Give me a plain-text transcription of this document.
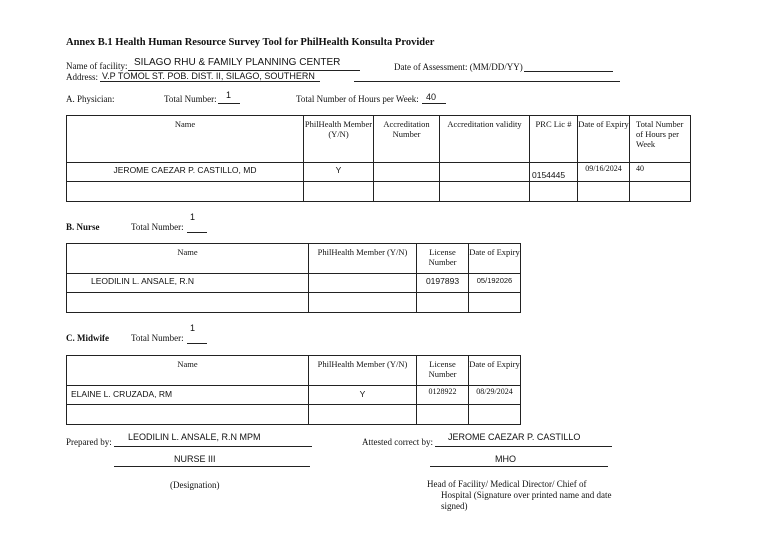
Annex B.1 Health Human Resource Survey Tool for PhilHealth Konsulta Provider
Name of facility: SILAGO RHU & FAMILY PLANNING CENTER	Date of Assessment: (MM/DD/YY)
Address: V.P TOMOL ST. POB. DIST. II, SILAGO, SOUTHERN
A. Physician:	Total Number: 1	Total Number of Hours per Week: 40
Name	PhilHealth Member (Y/N)	Accreditation Number	Accreditation validity	PRC Lic #	Date of Expiry	Total Number of Hours per Week
JEROME CAEZAR P. CASTILLO, MD	Y			0154445	09/16/2024	40

B. Nurse	Total Number:
1
Name	PhilHealth Member (Y/N)	License Number	Date of Expiry
LEODILIN L. ANSALE, R.N		0197893	05/192026

C. Midwife Total Number:
1
Name	PhilHealth Member (Y/N)	License Number	Date of Expiry
ELAINE L. CRUZADA, RM	Y	0128922	08/29/2024

Prepared by: LEODILIN L. ANSALE, R.N MPM
NURSE III
(Designation)
Attested correct by: JEROME CAEZAR P. CASTILLO
MHO
Head of Facility/ Medical Director/ Chief of
Hospital (Signature over printed name and date
signed)
